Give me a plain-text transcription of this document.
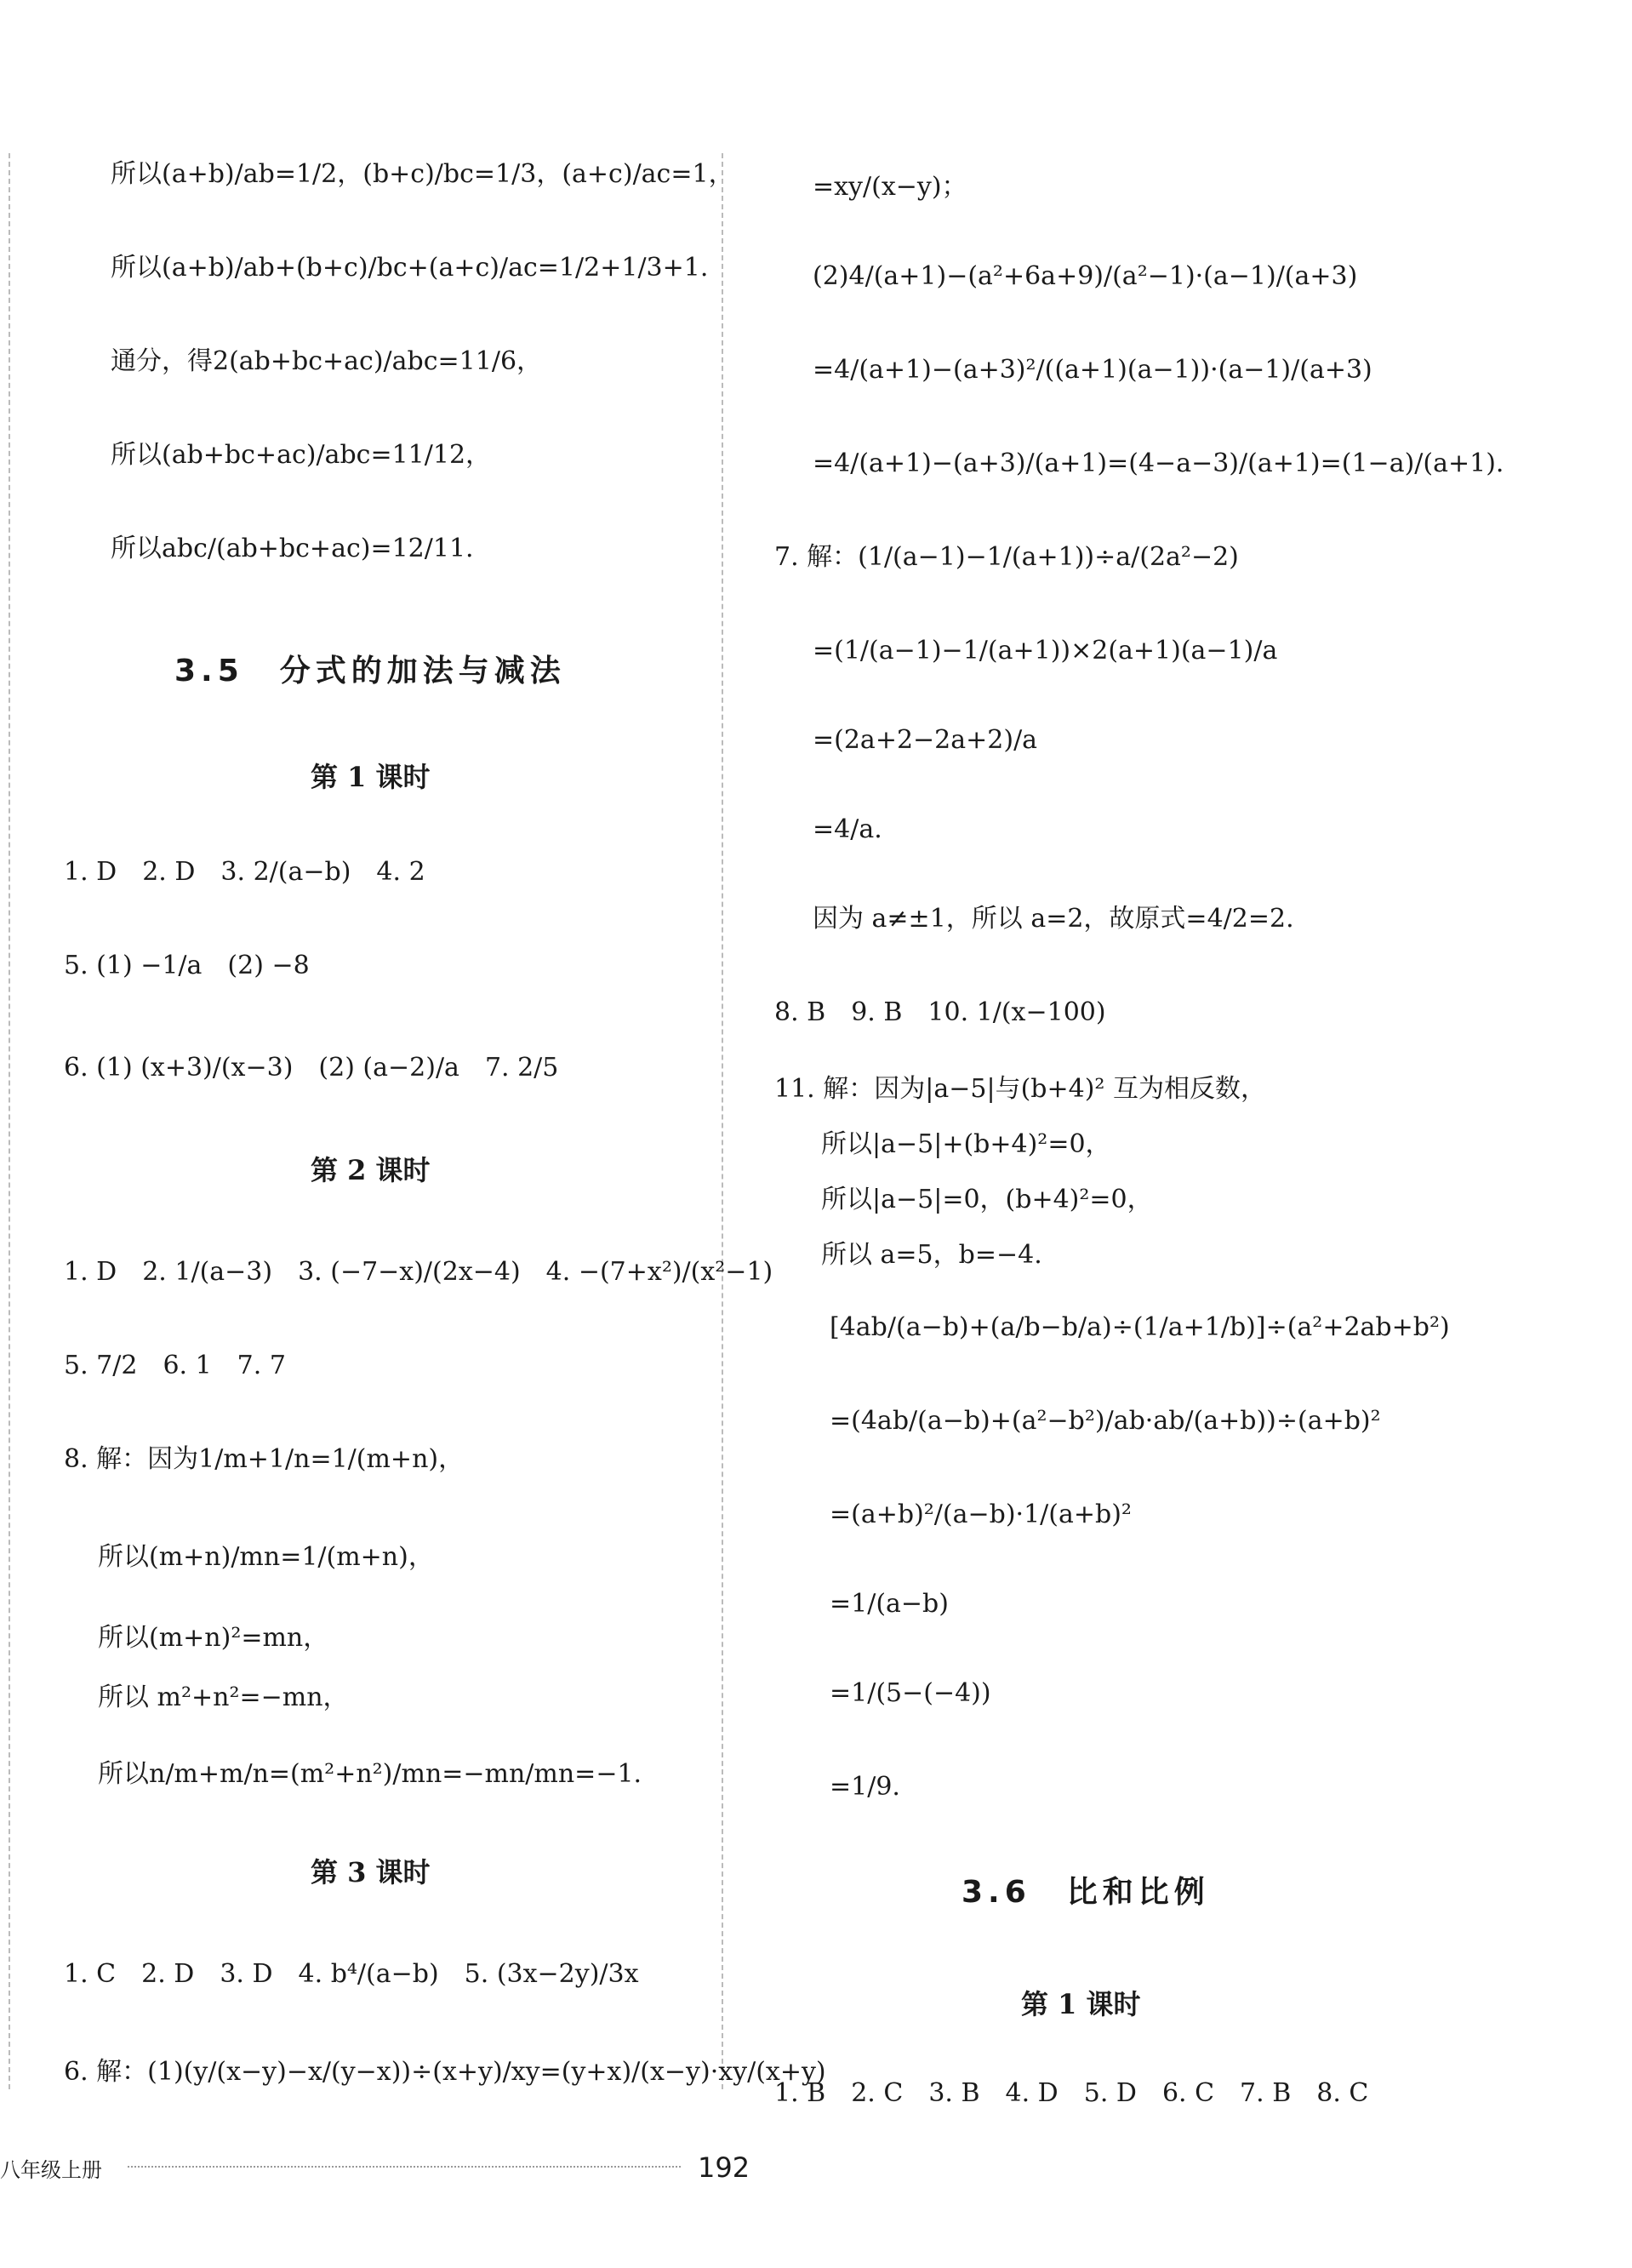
所以(a+b)/ab=1/2，(b+c)/bc=1/3，(a+c)/ac=1，
所以(a+b)/ab+(b+c)/bc+(a+c)/ac=1/2+1/3+1.
通分，得2(ab+bc+ac)/abc=11/6，
所以(ab+bc+ac)/abc=11/12，
所以abc/(ab+bc+ac)=12/11.
3.5　分式的加法与减法
第 1 课时
1. D　2. D　3. 2/(a−b)　4. 2
5. (1) −1/a　(2) −8
6. (1) (x+3)/(x−3)　(2) (a−2)/a　7. 2/5
第 2 课时
1. D　2. 1/(a−3)　3. (−7−x)/(2x−4)　4. −(7+x²)/(x²−1)
5. 7/2　6. 1　7. 7
8. 解：因为1/m+1/n=1/(m+n)，
所以(m+n)/mn=1/(m+n)，
所以(m+n)²=mn，
所以 m²+n²=−mn，
所以n/m+m/n=(m²+n²)/mn=−mn/mn=−1.
第 3 课时
1. C　2. D　3. D　4. b⁴/(a−b)　5. (3x−2y)/3x
6. 解：(1)(y/(x−y)−x/(y−x))÷(x+y)/xy=(y+x)/(x−y)·xy/(x+y)
=xy/(x−y)；
(2)4/(a+1)−(a²+6a+9)/(a²−1)·(a−1)/(a+3)
=4/(a+1)−(a+3)²/((a+1)(a−1))·(a−1)/(a+3)
=4/(a+1)−(a+3)/(a+1)=(4−a−3)/(a+1)=(1−a)/(a+1).
7. 解：(1/(a−1)−1/(a+1))÷a/(2a²−2)
=(1/(a−1)−1/(a+1))×2(a+1)(a−1)/a
=(2a+2−2a+2)/a
=4/a.
因为 a≠±1，所以 a=2，故原式=4/2=2.
8. B　9. B　10. 1/(x−100)
11. 解：因为|a−5|与(b+4)² 互为相反数，
所以|a−5|+(b+4)²=0，
所以|a−5|=0，(b+4)²=0，
所以 a=5，b=−4.
[4ab/(a−b)+(a/b−b/a)÷(1/a+1/b)]÷(a²+2ab+b²)
=(4ab/(a−b)+(a²−b²)/ab·ab/(a+b))÷(a+b)²
=(a+b)²/(a−b)·1/(a+b)²
=1/(a−b)
=1/(5−(−4))
=1/9.
3.6　比和比例
第 1 课时
1. B　2. C　3. B　4. D　5. D　6. C　7. B　8. C
八年级上册	192
